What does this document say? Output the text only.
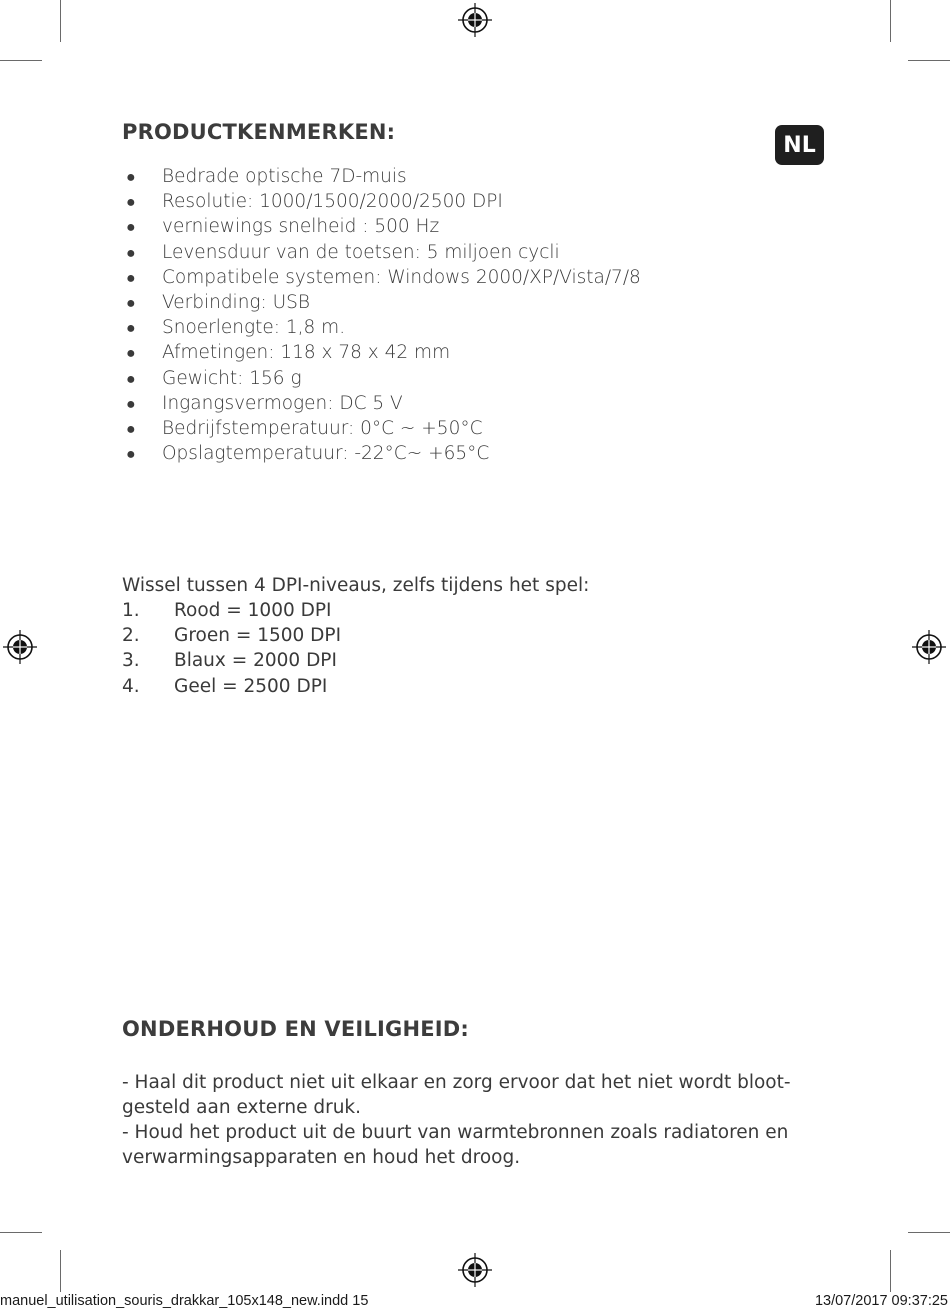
NL
PRODUCTKENMERKEN:
● Bedrade optische 7D-muis
● Resolutie: 1000/1500/2000/2500 DPI
● verniewings snelheid : 500 Hz
● Levensduur van de toetsen: 5 miljoen cycli
● Compatibele systemen: Windows 2000/XP/Vista/7/8
● Verbinding: USB
● Snoerlengte: 1,8 m.
● Afmetingen: 118 x 78 x 42 mm
● Gewicht: 156 g
● Ingangsvermogen: DC 5 V
● Bedrijfstemperatuur: 0°C ~ +50°C
● Opslagtemperatuur: -22°C~ +65°C

Wissel tussen 4 DPI-niveaus, zelfs tijdens het spel:

1. Rood = 1000 DPI
2. Groen = 1500 DPI
3. Blaux = 2000 DPI
4. Geel = 2500 DPI
ONDERHOUD EN VEILIGHEID:

- Haal dit product niet uit elkaar en zorg ervoor dat het niet wordt bloot-gesteld aan externe druk.

- Houd het product uit de buurt van warmtebronnen zoals radiatoren en verwarmingsapparaten en houd het droog.

manuel_utilisation_souris_drakkar_105x148_new.indd 15	13/07/2017 09:37:25
